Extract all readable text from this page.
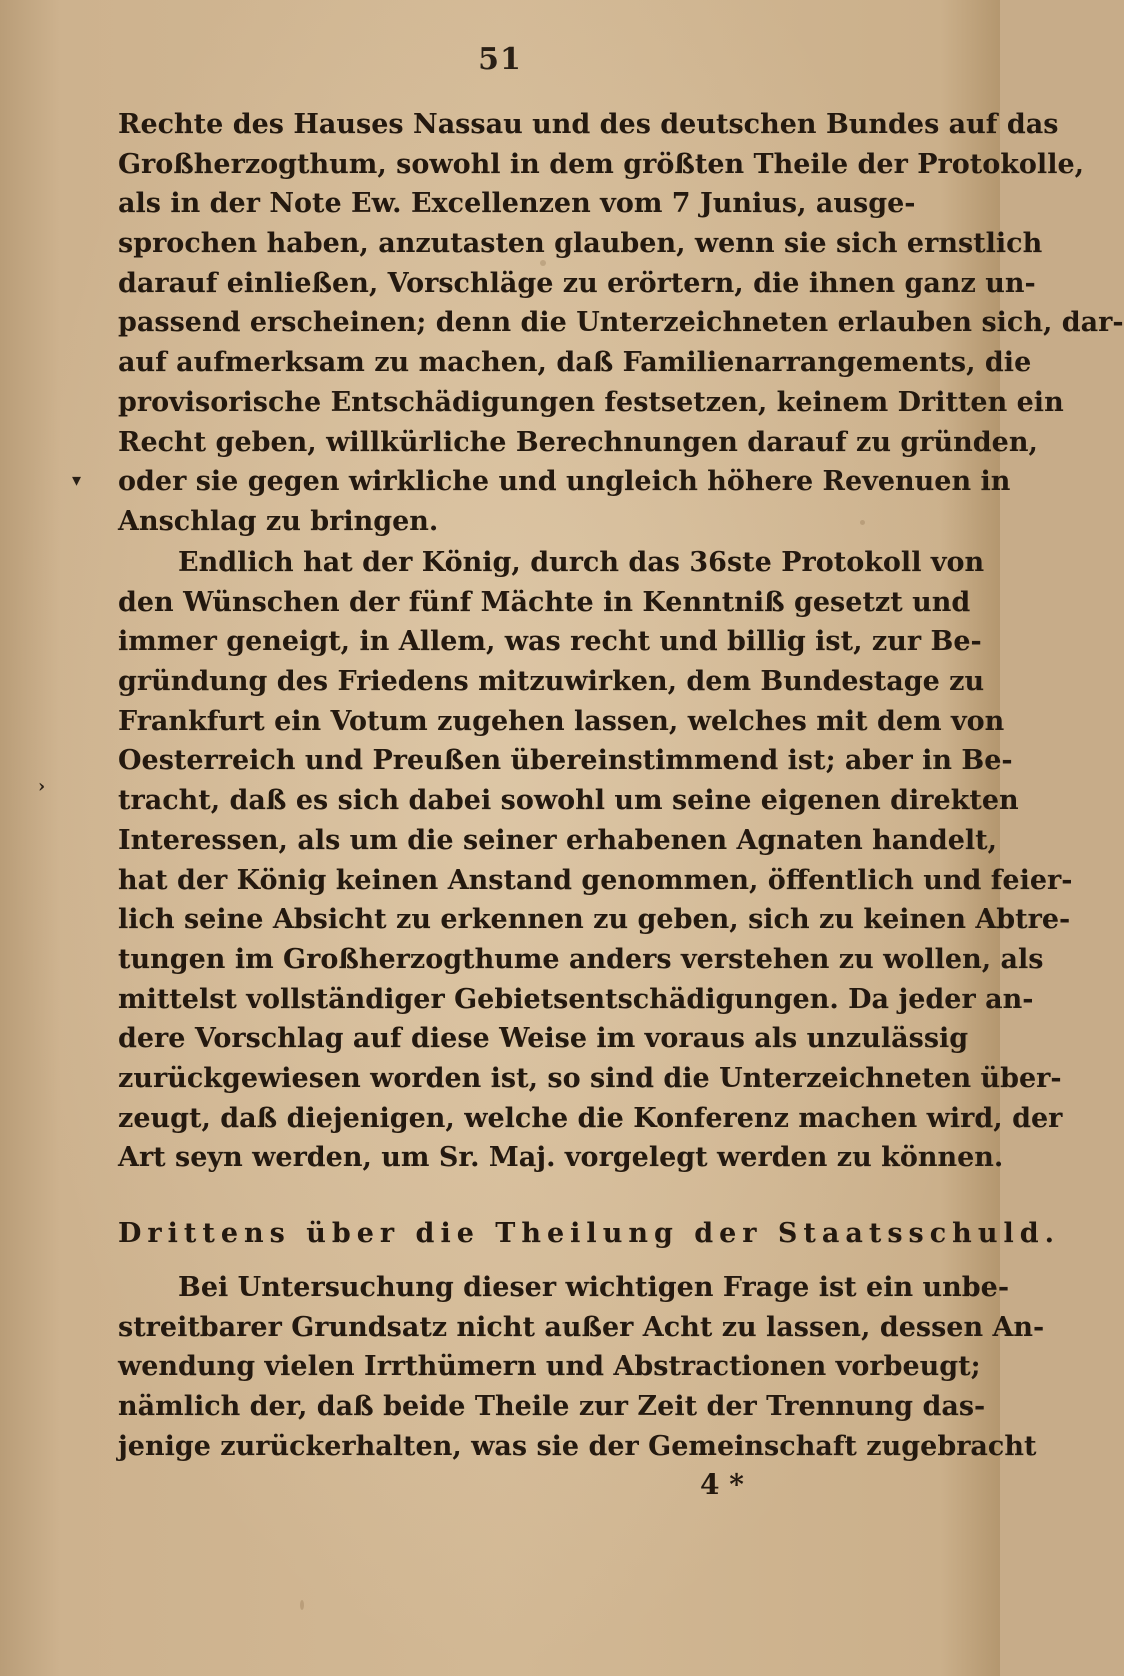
51
▾
›
Rechte des Hauses Nassau und des deutschen Bundes auf das
Großherzogthum, sowohl in dem größten Theile der Protokolle,
als in der Note Ew. Excellenzen vom 7 Junius, ausge-
sprochen haben, anzutasten glauben, wenn sie sich ernstlich
darauf einließen, Vorschläge zu erörtern, die ihnen ganz un-
passend erscheinen; denn die Unterzeichneten erlauben sich, dar-
auf aufmerksam zu machen, daß Familienarrangements, die
provisorische Entschädigungen festsetzen, keinem Dritten ein
Recht geben, willkürliche Berechnungen darauf zu gründen,
oder sie gegen wirkliche und ungleich höhere Revenuen in
Anschlag zu bringen.
Endlich hat der König, durch das 36ste Protokoll von
den Wünschen der fünf Mächte in Kenntniß gesetzt und
immer geneigt, in Allem, was recht und billig ist, zur Be-
gründung des Friedens mitzuwirken, dem Bundestage zu
Frankfurt ein Votum zugehen lassen, welches mit dem von
Oesterreich und Preußen übereinstimmend ist; aber in Be-
tracht, daß es sich dabei sowohl um seine eigenen direkten
Interessen, als um die seiner erhabenen Agnaten handelt,
hat der König keinen Anstand genommen, öffentlich und feier-
lich seine Absicht zu erkennen zu geben, sich zu keinen Abtre-
tungen im Großherzogthume anders verstehen zu wollen, als
mittelst vollständiger Gebietsentschädigungen. Da jeder an-
dere Vorschlag auf diese Weise im voraus als unzulässig
zurückgewiesen worden ist, so sind die Unterzeichneten über-
zeugt, daß diejenigen, welche die Konferenz machen wird, der
Art seyn werden, um Sr. Maj. vorgelegt werden zu können.
Drittens über die Theilung der Staatsschuld.
Bei Untersuchung dieser wichtigen Frage ist ein unbe-
streitbarer Grundsatz nicht außer Acht zu lassen, dessen An-
wendung vielen Irrthümern und Abstractionen vorbeugt;
nämlich der, daß beide Theile zur Zeit der Trennung das-
jenige zurückerhalten, was sie der Gemeinschaft zugebracht
4 *
